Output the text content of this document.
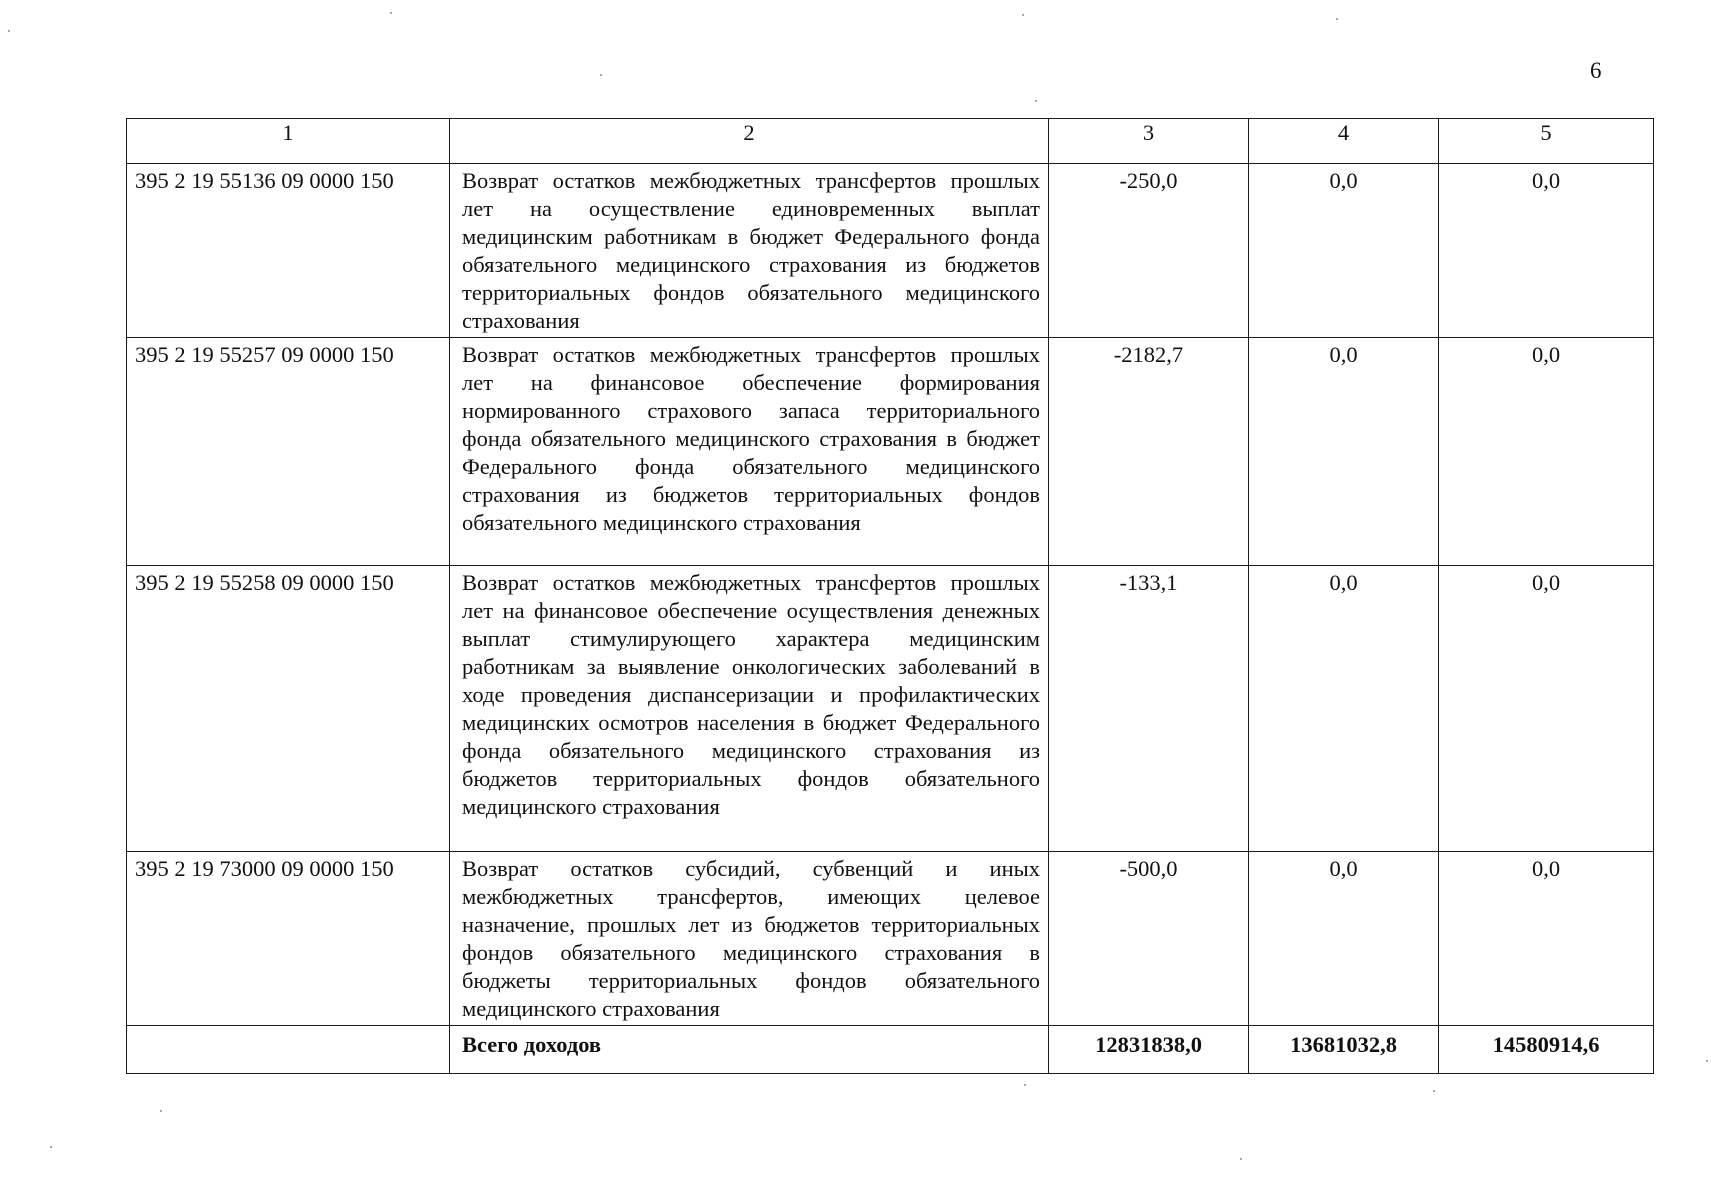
6
1	2	3	4	5
395 2 19 55136 09 0000 150	Возврат остатков межбюджетных трансфертов прошлых лет на осуществление единовременных выплат медицинским работникам в бюджет Федерального фонда обязательного медицинского страхования из бюджетов территориальных фондов обязательного медицинского страхования	-250,0	0,0	0,0
395 2 19 55257 09 0000 150	Возврат остатков межбюджетных трансфертов прошлых лет на финансовое обеспечение формирования нормированного страхового запаса территориального фонда обязательного медицинского страхования в бюджет Федерального фонда обязательного медицинского страхования из бюджетов территориальных фондов обязательного медицинского страхования	-2182,7	0,0	0,0
395 2 19 55258 09 0000 150	Возврат остатков межбюджетных трансфертов прошлых лет на финансовое обеспечение осуществления денежных выплат стимулирующего характера медицинским работникам за выявление онкологических заболеваний в ходе проведения диспансеризации и профилактических медицинских осмотров населения в бюджет Федерального фонда обязательного медицинского страхования из бюджетов территориальных фондов обязательного медицинского страхования	-133,1	0,0	0,0
395 2 19 73000 09 0000 150	Возврат остатков субсидий, субвенций и иных межбюджетных трансфертов, имеющих целевое назначение, прошлых лет из бюджетов территориальных фондов обязательного медицинского страхования в бюджеты территориальных фондов обязательного медицинского страхования	-500,0	0,0	0,0
	Всего доходов	12831838,0	13681032,8	14580914,6
